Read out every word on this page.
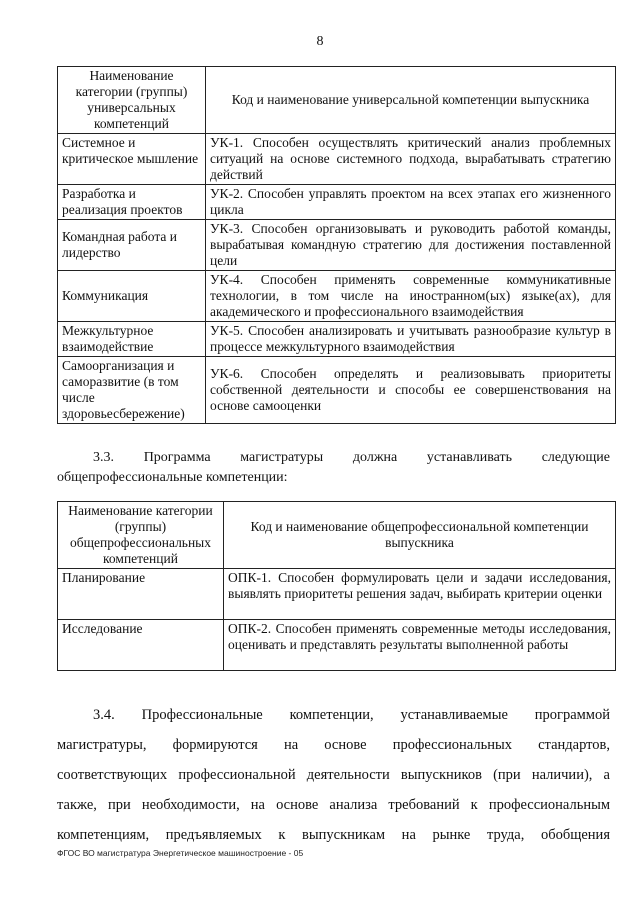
8
Наименование категории (группы) универсальных компетенций	Код и наименование универсальной компетенции выпускника
Системное и критическое мышление	УК-1. Способен осуществлять критический анализ проблемных ситуаций на основе системного подхода, вырабатывать стратегию действий
Разработка и реализация проектов	УК-2. Способен управлять проектом на всех этапах его жизненного цикла
Командная работа и лидерство	УК-3. Способен организовывать и руководить работой команды, вырабатывая командную стратегию для достижения поставленной цели
Коммуникация	УК-4. Способен применять современные коммуникативные технологии, в том числе на иностранном(ых) языке(ах), для академического и профессионального взаимодействия
Межкультурное взаимодействие	УК-5. Способен анализировать и учитывать разнообразие культур в процессе межкультурного взаимодействия
Самоорганизация и саморазвитие (в том числе здоровьесбережение)	УК-6. Способен определять и реализовывать приоритеты собственной деятельности и способы ее совершенствования на основе самооценки
3.3. Программа магистратуры должна устанавливать следующие
общепрофессиональные компетенции:
Наименование категории (группы) общепрофессиональных компетенций	Код и наименование общепрофессиональной компетенции выпускника
Планирование	ОПК-1. Способен формулировать цели и задачи исследования, выявлять приоритеты решения задач, выбирать критерии оценки
Исследование	ОПК-2. Способен применять современные методы исследования, оценивать и представлять результаты выполненной работы
3.4. Профессиональные компетенции, устанавливаемые программой
магистратуры, формируются на основе профессиональных стандартов,
соответствующих профессиональной деятельности выпускников (при наличии), а
также, при необходимости, на основе анализа требований к профессиональным
компетенциям, предъявляемых к выпускникам на рынке труда, обобщения
ФГОС ВО магистратура Энергетическое машиностроение - 05
